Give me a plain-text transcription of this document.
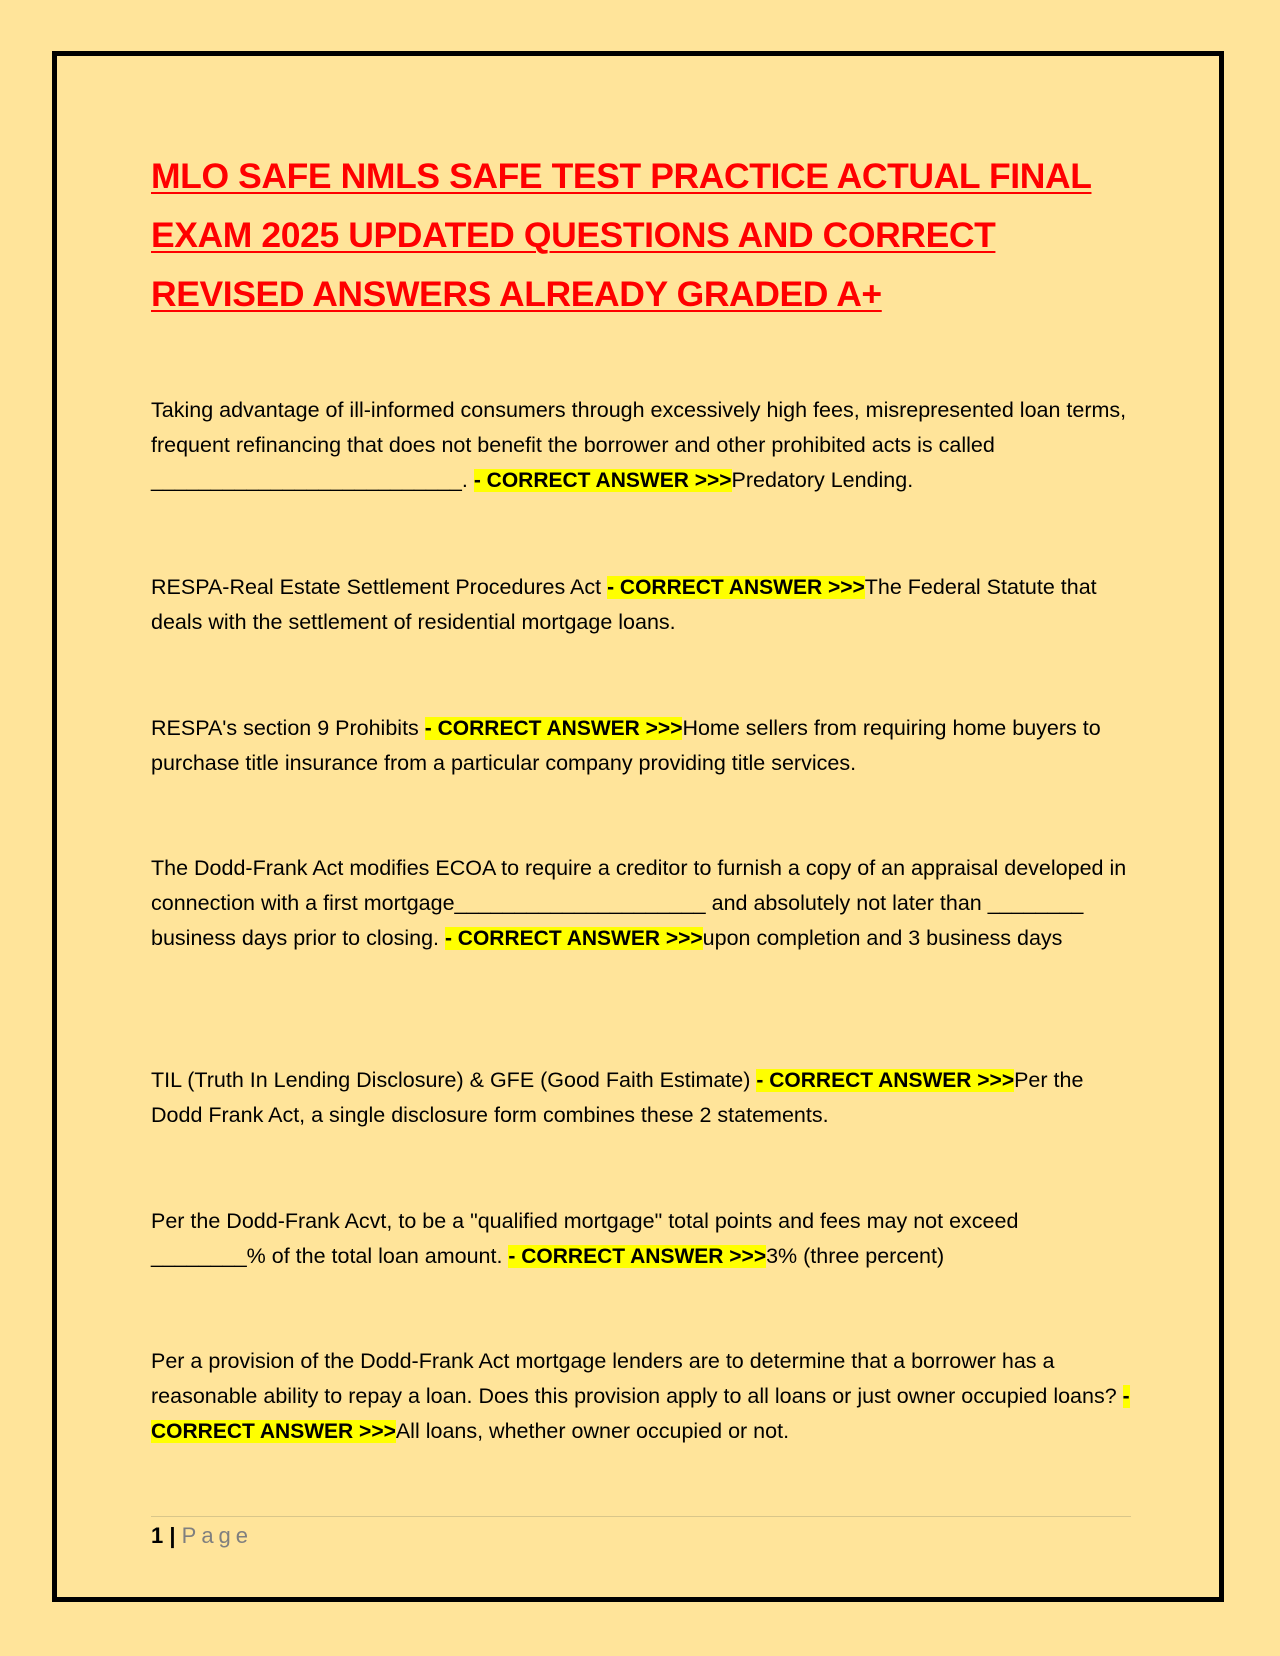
MLO SAFE NMLS SAFE TEST PRACTICE ACTUAL FINAL EXAM 2025 UPDATED QUESTIONS AND CORRECT REVISED ANSWERS ALREADY GRADED A+

Taking advantage of ill-informed consumers through excessively high fees, misrepresented loan terms, frequent refinancing that does not benefit the borrower and other prohibited acts is called __________________________. - CORRECT ANSWER >>>Predatory Lending.

RESPA-Real Estate Settlement Procedures Act - CORRECT ANSWER >>>The Federal Statute that deals with the settlement of residential mortgage loans.

RESPA's section 9 Prohibits - CORRECT ANSWER >>>Home sellers from requiring home buyers to purchase title insurance from a particular company providing title services.

The Dodd-Frank Act modifies ECOA to require a creditor to furnish a copy of an appraisal developed in connection with a first mortgage_____________________ and absolutely not later than ________ business days prior to closing. - CORRECT ANSWER >>>upon completion and 3 business days

TIL (Truth In Lending Disclosure) & GFE (Good Faith Estimate) - CORRECT ANSWER >>>Per the Dodd Frank Act, a single disclosure form combines these 2 statements.

Per the Dodd-Frank Acvt, to be a "qualified mortgage" total points and fees may not exceed ________% of the total loan amount. - CORRECT ANSWER >>>3% (three percent)

Per a provision of the Dodd-Frank Act mortgage lenders are to determine that a borrower has a reasonable ability to repay a loan. Does this provision apply to all loans or just owner occupied loans? - CORRECT ANSWER >>>All loans, whether owner occupied or not.

1 | Page
